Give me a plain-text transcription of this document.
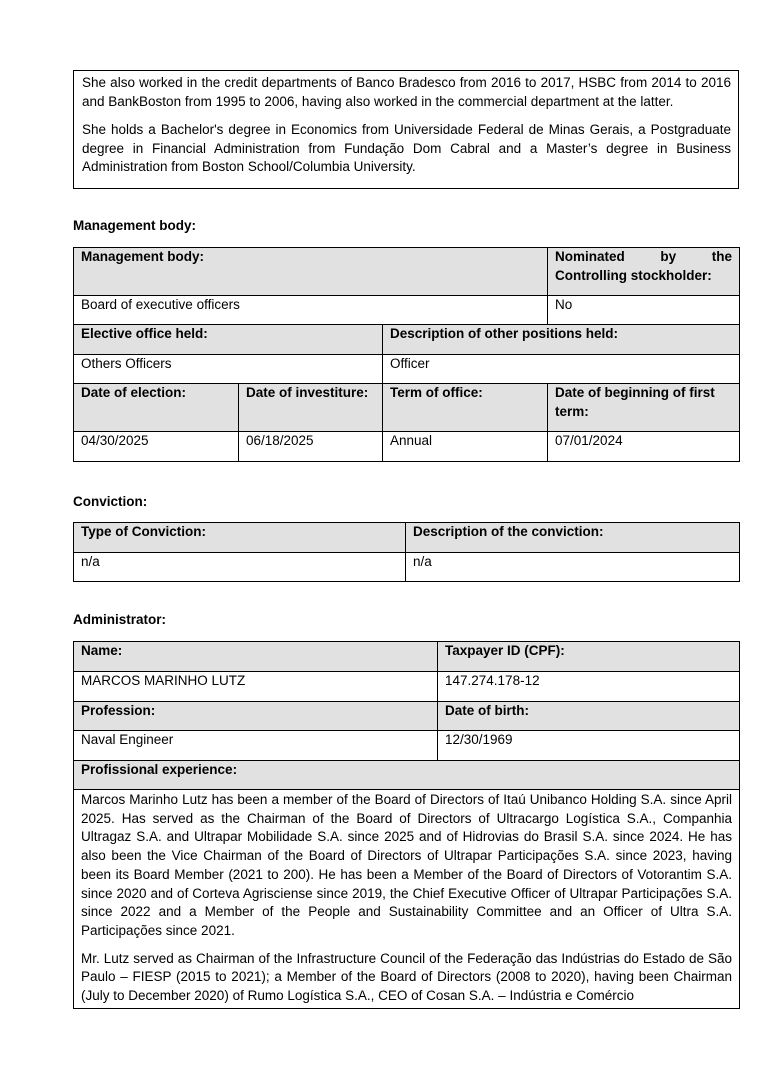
She also worked in the credit departments of Banco Bradesco from 2016 to 2017, HSBC from 2014 to 2016 and BankBoston from 1995 to 2006, having also worked in the commercial department at the latter.

She holds a Bachelor's degree in Economics from Universidade Federal de Minas Gerais, a Postgraduate degree in Financial Administration from Fundação Dom Cabral and a Master’s degree in Business Administration from Boston School/Columbia University.

Management body:
Management body:			Nominated by the Controlling stockholder:
Board of executive officers			No
Elective office held:		Description of other positions held:	
Others Officers		Officer	
Date of election:	Date of investiture:	Term of office:	Date of beginning of first term:
04/30/2025	06/18/2025	Annual	07/01/2024
Conviction:
Type of Conviction:	Description of the conviction:
n/a	n/a
Administrator:
Name:	Taxpayer ID (CPF):
MARCOS MARINHO LUTZ	147.274.178-12
Profession:	Date of birth:
Naval Engineer	12/30/1969
Profissional experience:	

Marcos Marinho Lutz has been a member of the Board of Directors of Itaú Unibanco Holding S.A. since April 2025. Has served as the Chairman of the Board of Directors of Ultracargo Logística S.A., Companhia Ultragaz S.A. and Ultrapar Mobilidade S.A. since 2025 and of Hidrovias do Brasil S.A. since 2024. He has also been the Vice Chairman of the Board of Directors of Ultrapar Participações S.A. since 2023, having been its Board Member (2021 to 200). He has been a Member of the Board of Directors of Votorantim S.A. since 2020 and of Corteva Agrisciense since 2019, the Chief Executive Officer of Ultrapar Participações S.A. since 2022 and a Member of the People and Sustainability Committee and an Officer of Ultra S.A. Participações since 2021.

Mr. Lutz served as Chairman of the Infrastructure Council of the Federação das Indústrias do Estado de São Paulo – FIESP (2015 to 2021); a Member of the Board of Directors (2008 to 2020), having been Chairman (July to December 2020) of Rumo Logística S.A., CEO of Cosan S.A. – Indústria e Comércio	
